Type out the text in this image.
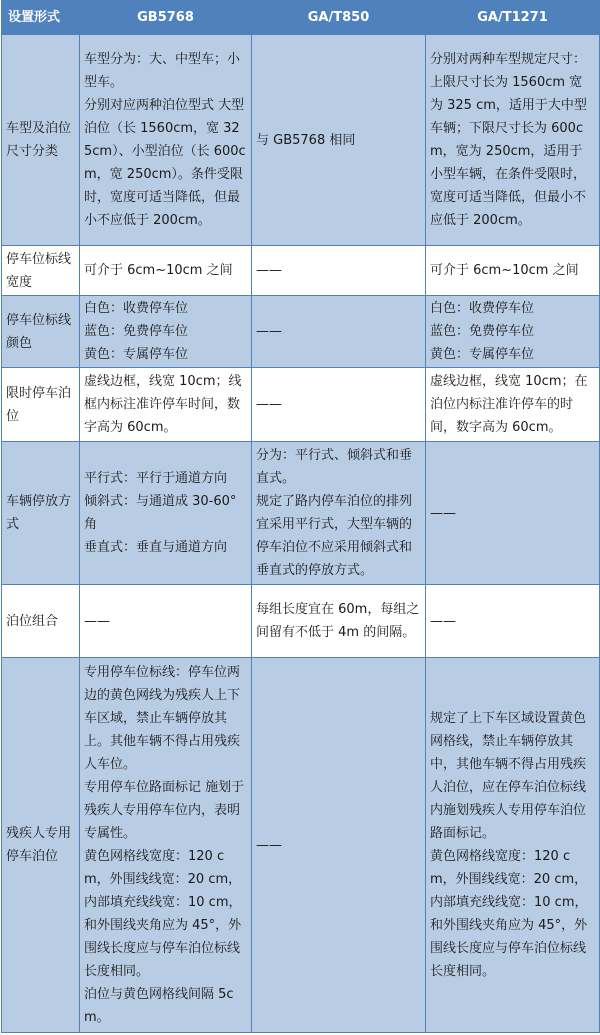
设置形式	GB5768	GA/T850	GA/T1271
车型及泊位尺寸分类	车型分为：大、中型车；小型车。
分别对应两种泊位型式 大型泊位（长 1560cm，宽 325cm）、小型泊位（长 600cm，宽 250cm）。条件受限时，宽度可适当降低，但最小不应低于 200cm。	与 GB5768 相同	分别对两种车型规定尺寸：上限尺寸长为 1560cm 宽为 325 cm，适用于大中型车辆；下限尺寸长为 600cm，宽为 250cm，适用于小型车辆，在条件受限时，宽度可适当降低，但最小不应低于 200cm。

停车位标线宽度	可介于 6cm~10cm 之间	——	可介于 6cm~10cm 之间

停车位标线颜色	白色：收费停车位
蓝色：免费停车位
黄色：专属停车位	——	白色：收费停车位
蓝色：免费停车位
黄色：专属停车位

限时停车泊位	虚线边框，线宽 10cm；线框内标注准许停车时间，数字高为 60cm。	——	虚线边框，线宽 10cm；在泊位内标注准许停车的时间，数字高为 60cm。

车辆停放方式	平行式：平行于通道方向
倾斜式：与通道成 30-60°角
垂直式：垂直与通道方向	分为：平行式、倾斜式和垂直式。
规定了路内停车泊位的排列宜采用平行式，大型车辆的停车泊位不应采用倾斜式和垂直式的停放方式。	——

泊位组合	——	每组长度宜在 60m，每组之间留有不低于 4m 的间隔。	——

残疾人专用停车泊位	专用停车位标线：停车位两边的黄色网线为残疾人上下车区域，禁止车辆停放其上。其他车辆不得占用残疾人车位。
专用停车位路面标记 施划于残疾人专用停车位内，表明专属性。
黄色网格线宽度：120 cm，外围线线宽：20 cm，内部填充线线宽：10 cm，和外围线夹角应为 45°，外围线长度应与停车泊位标线长度相同。
泊位与黄色网格线间隔 5cm。	——	规定了上下车区域设置黄色网格线，禁止车辆停放其中，其他车辆不得占用残疾人泊位，应在停车泊位标线内施划残疾人专用停车泊位路面标记。
黄色网格线宽度：120 cm，外围线线宽：20 cm，内部填充线线宽：10 cm，和外围线夹角应为 45°，外围线长度应与停车泊位标线长度相同。
